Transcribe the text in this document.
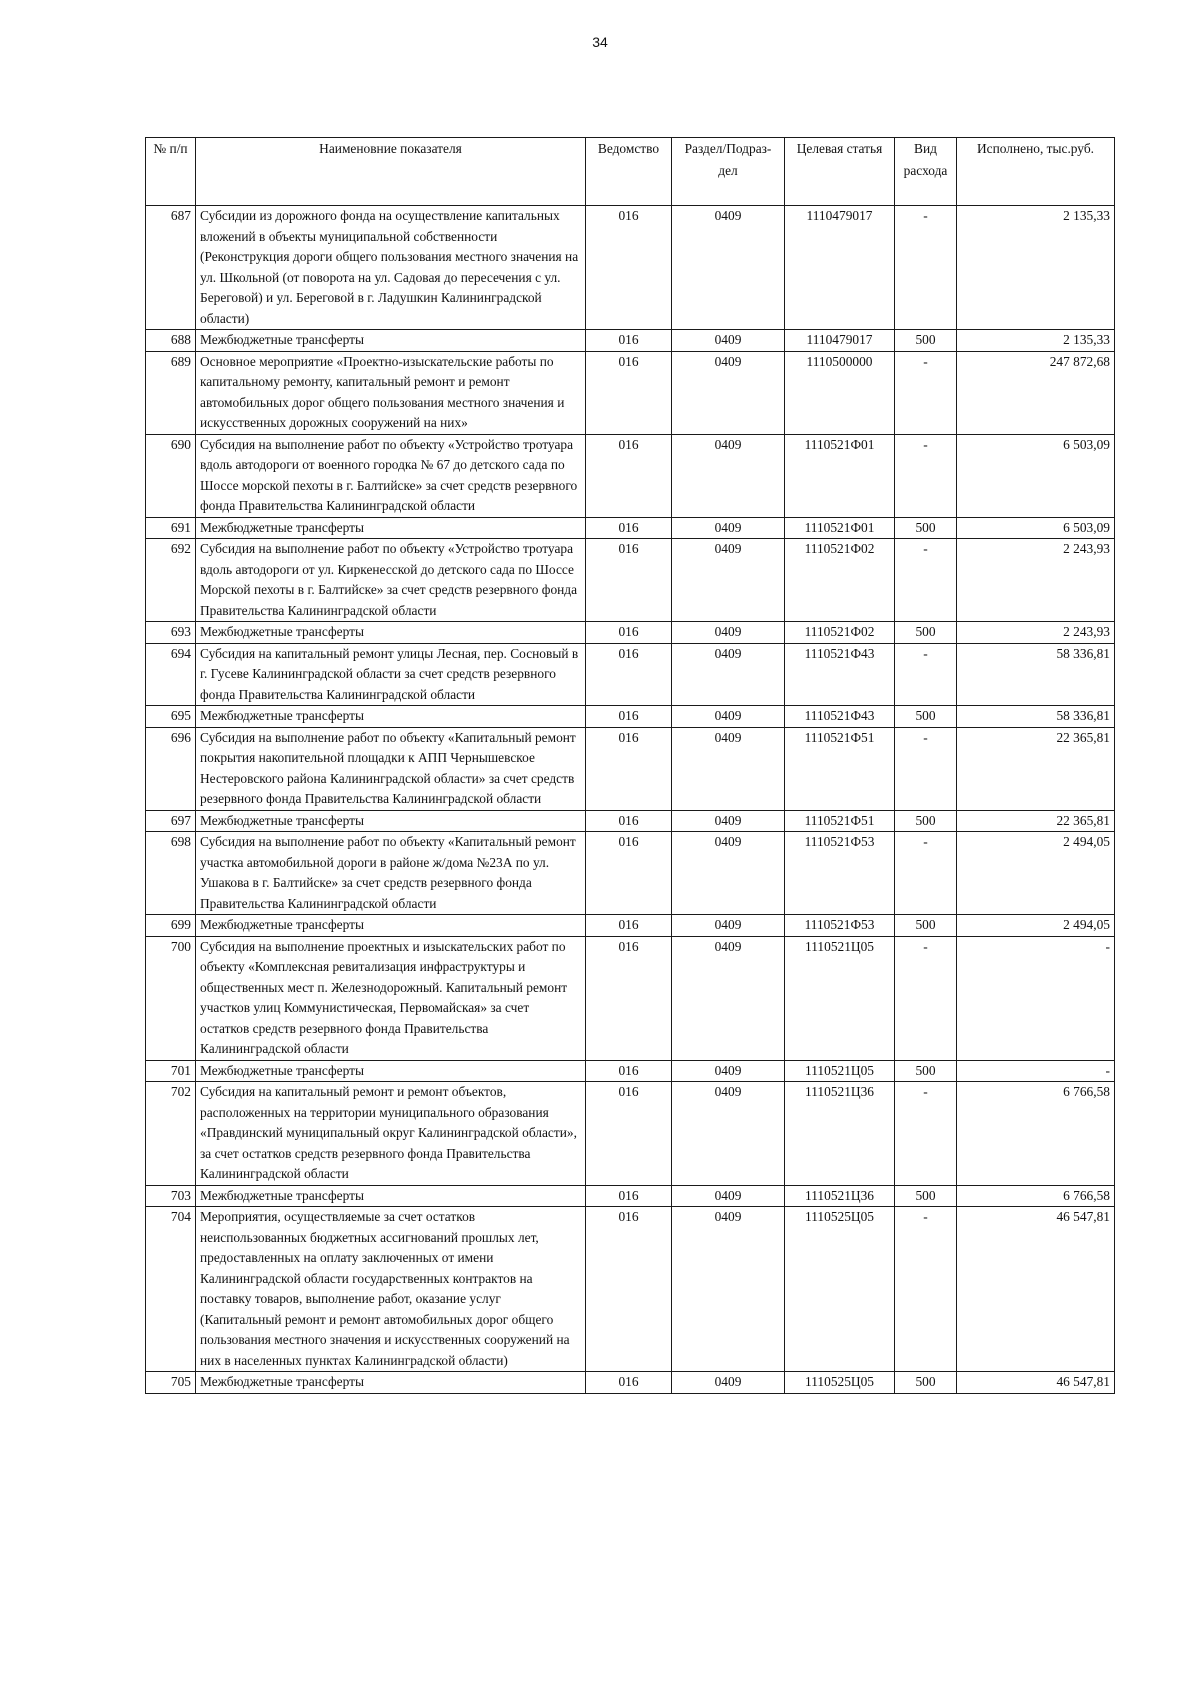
34
№ п/п	Наименовние показателя	Ведомство	Раздел/Подраз-дел	Целевая статья	Вид расхода	Исполнено, тыс.руб.
687	Субсидии из дорожного фонда на осуществление капитальных вложений в объекты муниципальной собственности (Реконструкция дороги общего пользования местного значения на ул. Школьной (от поворота на ул. Садовая до пересечения с ул. Береговой) и ул. Береговой в г. Ладушкин Калининградской области)	016	0409	1110479017	-	2 135,33
688	Межбюджетные трансферты	016	0409	1110479017	500	2 135,33
689	Основное мероприятие «Проектно-изыскательские работы по капитальному ремонту, капитальный ремонт и ремонт автомобильных дорог общего пользования местного значения и искусственных дорожных сооружений на них»	016	0409	1110500000	-	247 872,68
690	Субсидия на выполнение работ по объекту «Устройство тротуара вдоль автодороги от военного городка № 67 до детского сада по Шоссе морской пехоты в г. Балтийске» за счет средств резервного фонда Правительства Калининградской области	016	0409	1110521Ф01	-	6 503,09
691	Межбюджетные трансферты	016	0409	1110521Ф01	500	6 503,09
692	Субсидия на выполнение работ по объекту «Устройство тротуара вдоль автодороги от ул. Киркенесской до детского сада по Шоссе Морской пехоты в г. Балтийске» за счет средств резервного фонда Правительства Калининградской области	016	0409	1110521Ф02	-	2 243,93
693	Межбюджетные трансферты	016	0409	1110521Ф02	500	2 243,93
694	Субсидия на капитальный ремонт улицы Лесная, пер. Сосновый в г. Гусеве Калининградской области за счет средств резервного фонда Правительства Калининградской области	016	0409	1110521Ф43	-	58 336,81
695	Межбюджетные трансферты	016	0409	1110521Ф43	500	58 336,81
696	Субсидия на выполнение работ по объекту «Капитальный ремонт покрытия накопительной площадки к АПП Чернышевское Нестеровского района Калининградской области» за счет средств резервного фонда Правительства Калининградской области	016	0409	1110521Ф51	-	22 365,81
697	Межбюджетные трансферты	016	0409	1110521Ф51	500	22 365,81
698	Субсидия на выполнение работ по объекту «Капитальный ремонт участка автомобильной дороги в районе ж/дома №23А по ул. Ушакова в г. Балтийске» за счет средств резервного фонда Правительства Калининградской области	016	0409	1110521Ф53	-	2 494,05
699	Межбюджетные трансферты	016	0409	1110521Ф53	500	2 494,05
700	Субсидия на выполнение проектных и изыскательских работ по объекту «Комплексная ревитализация инфраструктуры и общественных мест п. Железнодорожный. Капитальный ремонт участков улиц Коммунистическая, Первомайская» за счет остатков средств резервного фонда Правительства Калининградской области	016	0409	1110521Ц05	-	-
701	Межбюджетные трансферты	016	0409	1110521Ц05	500	-
702	Субсидия на капитальный ремонт и ремонт объектов, расположенных на территории муниципального образования «Правдинский муниципальный округ Калининградской области», за счет остатков средств резервного фонда Правительства Калининградской области	016	0409	1110521Ц36	-	6 766,58
703	Межбюджетные трансферты	016	0409	1110521Ц36	500	6 766,58
704	Мероприятия, осуществляемые за счет остатков неиспользованных бюджетных ассигнований прошлых лет, предоставленных на оплату заключенных от имени Калининградской области государственных контрактов на поставку товаров, выполнение работ, оказание услуг (Капитальный ремонт и ремонт автомобильных дорог общего пользования местного значения и искусственных сооружений на них в населенных пунктах Калининградской области)	016	0409	1110525Ц05	-	46 547,81
705	Межбюджетные трансферты	016	0409	1110525Ц05	500	46 547,81
